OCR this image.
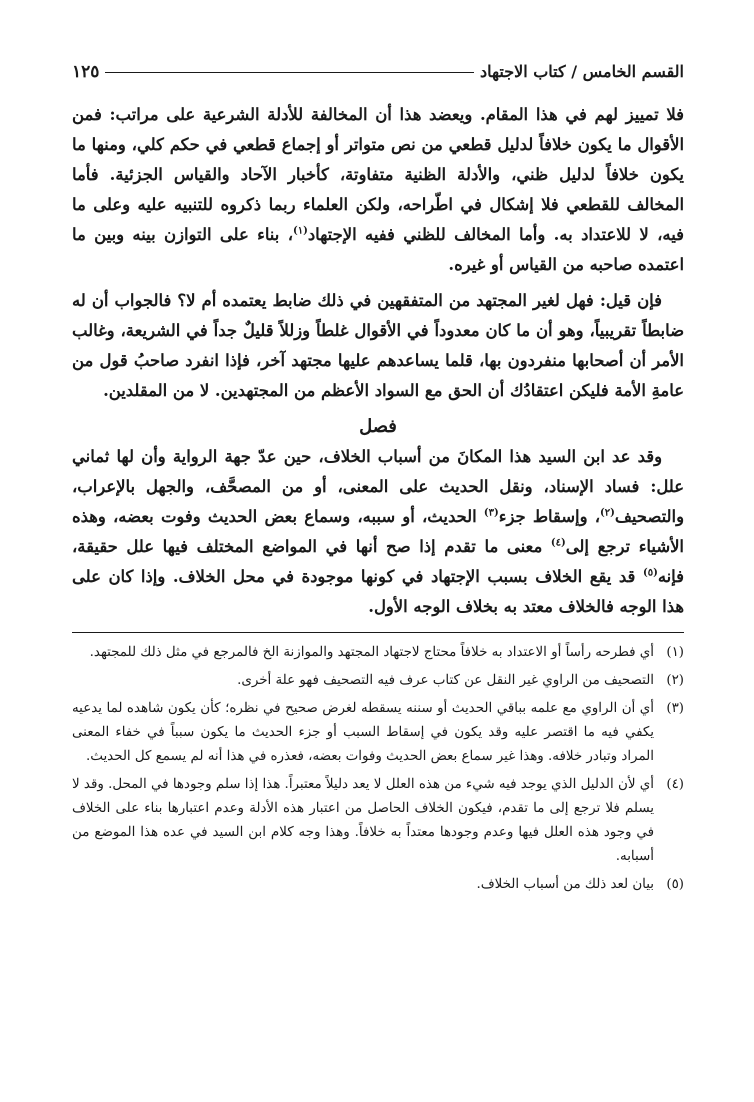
القسم الخامس / كتاب الاجتهاد
١٢٥

فلا تمييز لهم في هذا المقام. ويعضد هذا أن المخالفة للأدلة الشرعية على مراتب: فمن الأقوال ما يكون خلافاً لدليل قطعي من نص متواتر أو إجماع قطعي في حكم كلي، ومنها ما يكون خلافاً لدليل ظني، والأدلة الظنية متفاوتة، كأخبار الآحاد والقياس الجزئية. فأما المخالف للقطعي فلا إشكال في اطّراحه، ولكن العلماء ربما ذكروه للتنبيه عليه وعلى ما فيه، لا للاعتداد به. وأما المخالف للظني ففيه الإجتهاد$^{(١)}$، بناء على التوازن بينه وبين ما اعتمده صاحبه من القياس أو غيره.

فإن قيل: فهل لغير المجتهد من المتفقهين في ذلك ضابط يعتمده أم لا؟ فالجواب أن له ضابطاً تقريبياً، وهو أن ما كان معدوداً في الأقوال غلطاً وزللاً قليلٌ جداً في الشريعة، وغالب الأمر أن أصحابها منفردون بها، قلما يساعدهم عليها مجتهد آخر، فإذا انفرد صاحبُ قول من عامةِ الأمة فليكن اعتقادُك أن الحق مع السواد الأعظم من المجتهدين. لا من المقلدين.

فصل

وقد عد ابن السيد هذا المكانَ من أسباب الخلاف، حين عدّ جهة الرواية وأن لها ثماني علل: فساد الإسناد، ونقل الحديث على المعنى، أو من المصحَّف، والجهل بالإعراب، والتصحيف$^{(٢)}$، وإسقاط جزء$^{(٣)}$ الحديث، أو سببه، وسماع بعض الحديث وفوت بعضه، وهذه الأشياء ترجع إلى$^{(٤)}$ معنى ما تقدم إذا صح أنها في المواضع المختلف فيها علل حقيقة، فإنه$^{(٥)}$ قد يقع الخلاف بسبب الإجتهاد في كونها موجودة في محل الخلاف. وإذا كان على هذا الوجه فالخلاف معتد به بخلاف الوجه الأول.

(١)
أي فطرحه رأساً أو الاعتداد به خلافاً محتاج لاجتهاد المجتهد والموازنة الخ فالمرجع في مثل ذلك للمجتهد.
(٢)
التصحيف من الراوي غير النقل عن كتاب عرف فيه التصحيف فهو علة أخرى.
(٣)
أي أن الراوي مع علمه بباقي الحديث أو سننه يسقطه لغرض صحيح في نظره؛ كأن يكون شاهده لما يدعيه يكفي فيه ما اقتصر عليه وقد يكون في إسقاط السبب أو جزء الحديث ما يكون سبباً في خفاء المعنى المراد وتبادر خلافه. وهذا غير سماع بعض الحديث وفوات بعضه، فعذره في هذا أنه لم يسمع كل الحديث.
(٤)
أي لأن الدليل الذي يوجد فيه شيء من هذه العلل لا يعد دليلاً معتبراً. هذا إذا سلم وجودها في المحل. وقد لا يسلم فلا ترجع إلى ما تقدم، فيكون الخلاف الحاصل من اعتبار هذه الأدلة وعدم اعتبارها بناء على الخلاف في وجود هذه العلل فيها وعدم وجودها معتداً به خلافاً. وهذا وجه كلام ابن السيد في عده هذا الموضع من أسبابه.
(٥)
بيان لعد ذلك من أسباب الخلاف.
